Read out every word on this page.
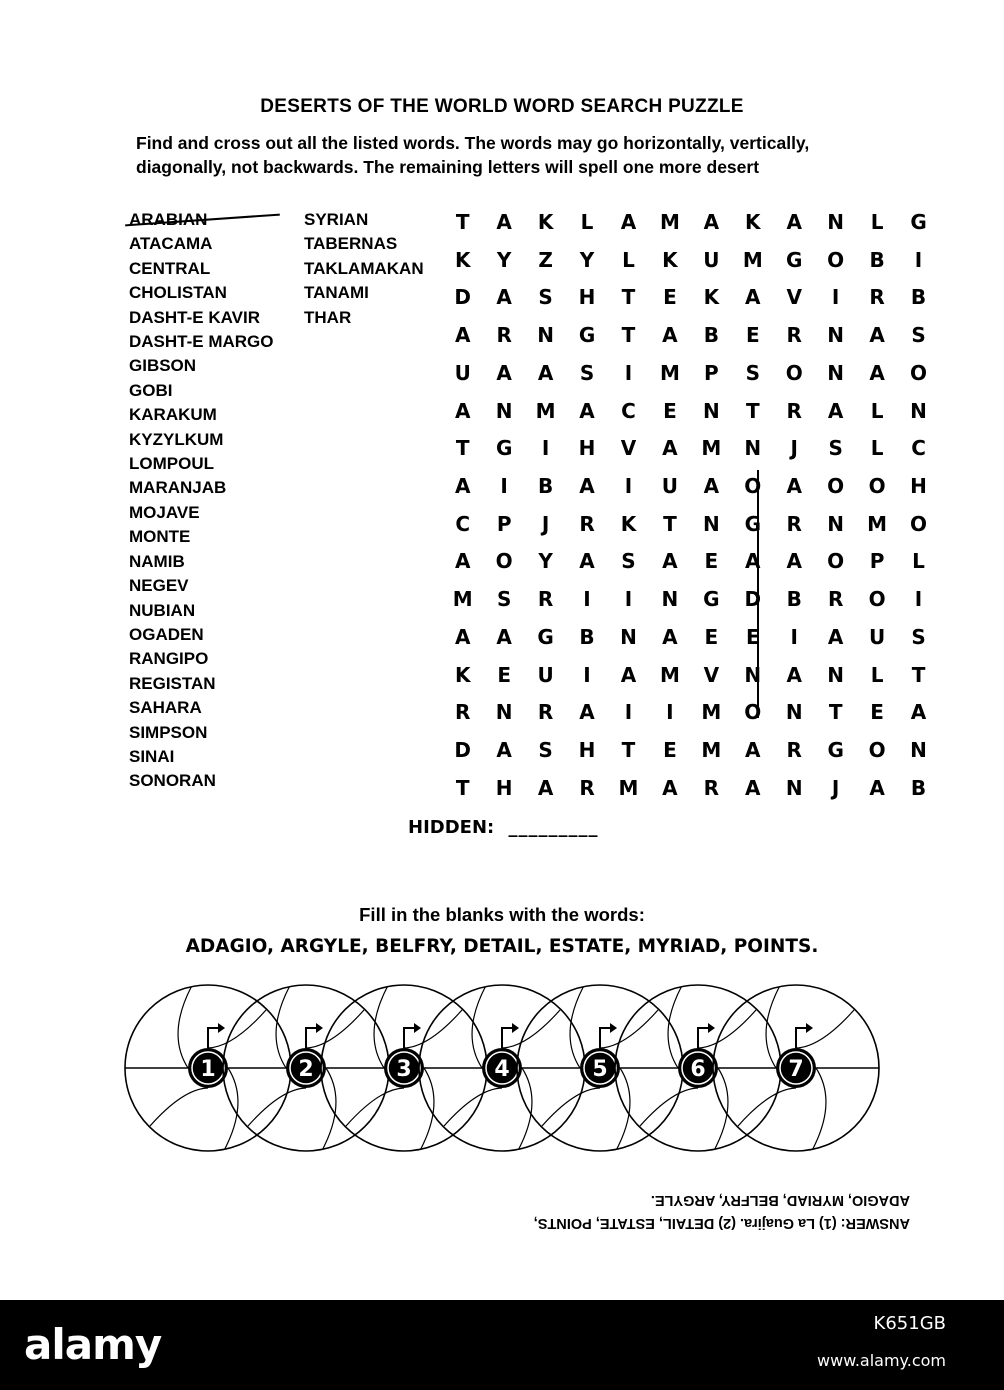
DESERTS OF THE WORLD WORD SEARCH PUZZLE
Find and cross out all the listed words. The words may go horizontally, vertically, diagonally, not backwards. The remaining letters will spell one more desert
ARABIAN
ATACAMA
CENTRAL
CHOLISTAN
DASHT-E KAVIR
DASHT-E MARGO
GIBSON
GOBI
KARAKUM
KYZYLKUM
LOMPOUL
MARANJAB
MOJAVE
MONTE
NAMIB
NEGEV
NUBIAN
OGADEN
RANGIPO
REGISTAN
SAHARA
SIMPSON
SINAI
SONORAN
SYRIAN
TABERNAS
TAKLAMAKAN
TANAMI
THAR
T A K L A M A K A N L G
K Y Z Y L K U M G O B I
D A S H T E K A V I R B
A R N G T A B E R N A S
U A A S I M P S O N A O
A N M A C E N T R A L N
T G I H V A M N J S L C
A I B A I U A O A O O H
C P J R K T N G R N M O
A O Y A S A E A A O P L
M S R I I N G D B R O I
A A G B N A E E I A U S
K E U I A M V N A N L T
R N R A I I M O N T E A
D A S H T E M A R G O N
T H A R M A R A N J A B
HIDDEN: _________
Fill in the blanks with the words:
ADAGIO, ARGYLE, BELFRY, DETAIL, ESTATE, MYRIAD, POINTS.
1	2	3	4	5	6	7
ANSWER: (1) La Guajira. (2) DETAIL, ESTATE, POINTS,
ADAGIO, MYRIAD, BELFRY, ARGYLE.
alamy	K651GB
www.alamy.com
